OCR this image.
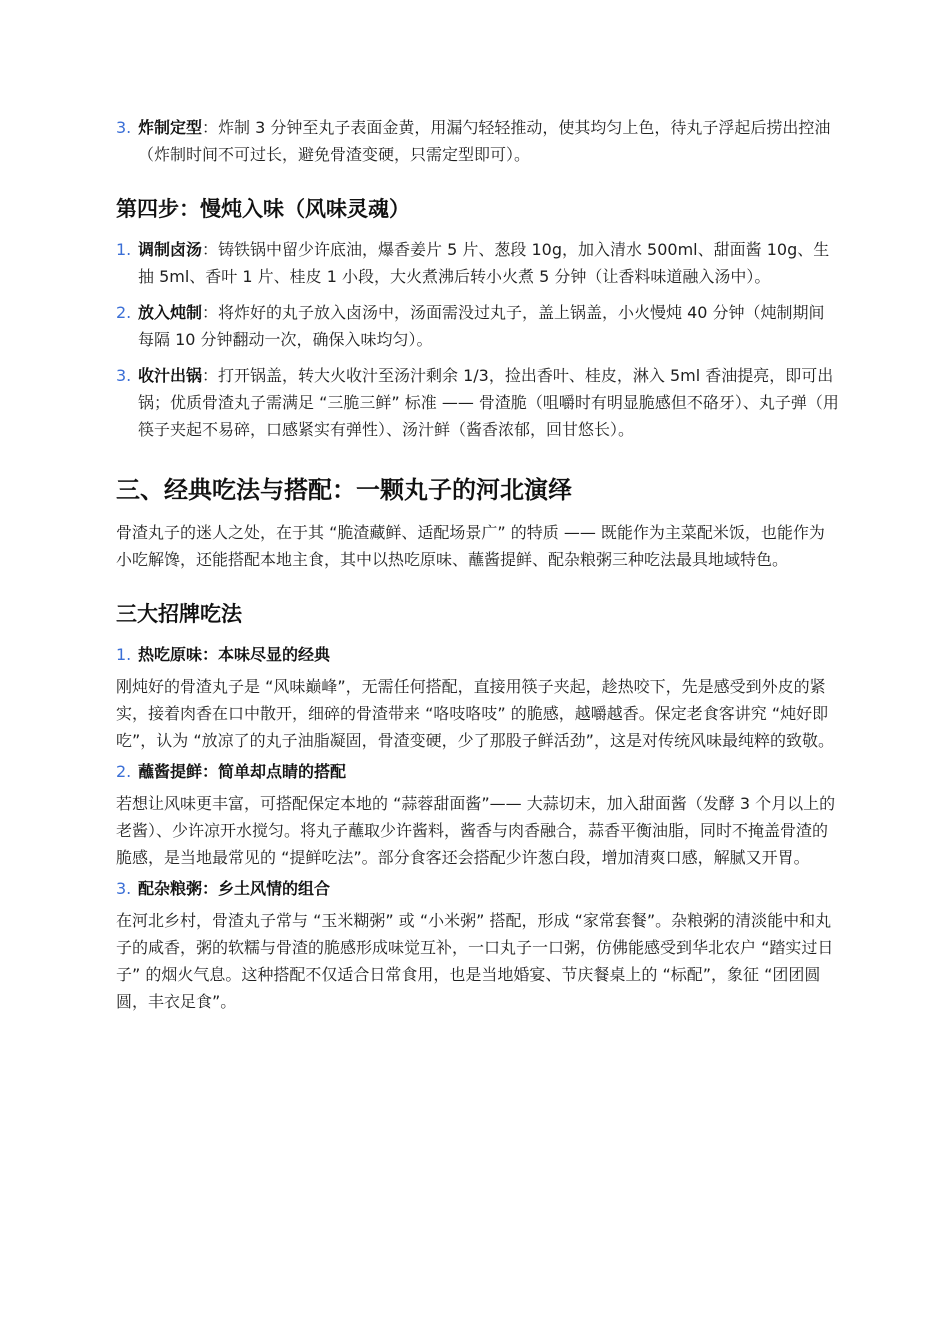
3. 炸制定型：炸制 3 分钟至丸子表面金黄，用漏勺轻轻推动，使其均匀上色，待丸子浮起后捞出控油（炸制时间不可过长，避免骨渣变硬，只需定型即可）。
第四步：慢炖入味（风味灵魂）
1. 调制卤汤：铸铁锅中留少许底油，爆香姜片 5 片、葱段 10g，加入清水 500ml、甜面酱 10g、生抽 5ml、香叶 1 片、桂皮 1 小段，大火煮沸后转小火煮 5 分钟（让香料味道融入汤中）。
2. 放入炖制：将炸好的丸子放入卤汤中，汤面需没过丸子，盖上锅盖，小火慢炖 40 分钟（炖制期间每隔 10 分钟翻动一次，确保入味均匀）。
3. 收汁出锅：打开锅盖，转大火收汁至汤汁剩余 1/3，捡出香叶、桂皮，淋入 5ml 香油提亮，即可出锅；优质骨渣丸子需满足 “三脆三鲜” 标准 —— 骨渣脆（咀嚼时有明显脆感但不硌牙）、丸子弹（用筷子夹起不易碎，口感紧实有弹性）、汤汁鲜（酱香浓郁，回甘悠长）。
三、经典吃法与搭配：一颗丸子的河北演绎

骨渣丸子的迷人之处，在于其 “脆渣藏鲜、适配场景广” 的特质 —— 既能作为主菜配米饭，也能作为小吃解馋，还能搭配本地主食，其中以热吃原味、蘸酱提鲜、配杂粮粥三种吃法最具地域特色。

三大招牌吃法
1. 热吃原味：本味尽显的经典

刚炖好的骨渣丸子是 “风味巅峰”，无需任何搭配，直接用筷子夹起，趁热咬下，先是感受到外皮的紧实，接着肉香在口中散开，细碎的骨渣带来 “咯吱咯吱” 的脆感，越嚼越香。保定老食客讲究 “炖好即吃”，认为 “放凉了的丸子油脂凝固，骨渣变硬，少了那股子鲜活劲”，这是对传统风味最纯粹的致敬。

2. 蘸酱提鲜：简单却点睛的搭配

若想让风味更丰富，可搭配保定本地的 “蒜蓉甜面酱”—— 大蒜切末，加入甜面酱（发酵 3 个月以上的老酱）、少许凉开水搅匀。将丸子蘸取少许酱料，酱香与肉香融合，蒜香平衡油脂，同时不掩盖骨渣的脆感，是当地最常见的 “提鲜吃法”。部分食客还会搭配少许葱白段，增加清爽口感，解腻又开胃。

3. 配杂粮粥：乡土风情的组合

在河北乡村，骨渣丸子常与 “玉米糊粥” 或 “小米粥” 搭配，形成 “家常套餐”。杂粮粥的清淡能中和丸子的咸香，粥的软糯与骨渣的脆感形成味觉互补，一口丸子一口粥，仿佛能感受到华北农户 “踏实过日子” 的烟火气息。这种搭配不仅适合日常食用，也是当地婚宴、节庆餐桌上的 “标配”，象征 “团团圆圆，丰衣足食”。
